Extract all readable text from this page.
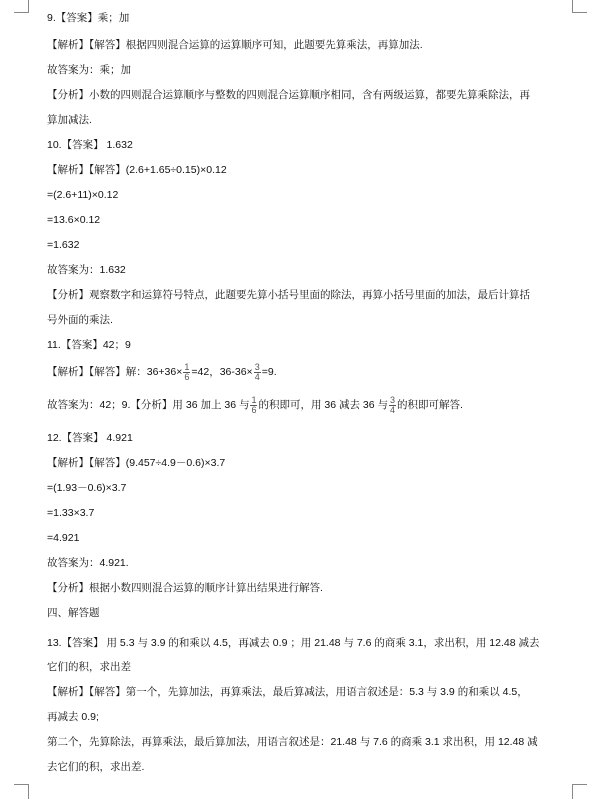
9.【答案】乘；加
【解析】【解答】根据四则混合运算的运算顺序可知，此题要先算乘法，再算加法.
故答案为：乘；加
【分析】小数的四则混合运算顺序与整数的四则混合运算顺序相同，含有两级运算，都要先算乘除法，再
算加减法.
10.【答案】 1.632
【解析】【解答】(2.6+1.65÷0.15)×0.12
=(2.6+11)×0.12
=13.6×0.12
=1.632
故答案为：1.632
【分析】观察数字和运算符号特点，此题要先算小括号里面的除法，再算小括号里面的加法，最后计算括
号外面的乘法.
11.【答案】42；9
【解析】【解答】解：$36+36\times \frac{1}{6} =42$，$36-36\times \frac{3}{4} =9$.
故答案为：42；9.【分析】用 36 加上 36 与 $\frac{1}{6}$ 的积即可，用 36 减去 36 与 $\frac{3}{4}$ 的积即可解答.
12.【答案】 4.921
【解析】【解答】(9.457÷4.9－0.6)×3.7
=(1.93－0.6)×3.7
=1.33×3.7
=4.921
故答案为：4.921.
【分析】根据小数四则混合运算的顺序计算出结果进行解答.
四、解答题
13.【答案】 用 5.3 与 3.9 的和乘以 4.5，再减去 0.9 ；用 21.48 与 7.6 的商乘 3.1，求出积，用 12.48 减去
它们的积，求出差
【解析】【解答】第一个，先算加法，再算乘法，最后算减法，用语言叙述是：5.3 与 3.9 的和乘以 4.5，
再减去 0.9;
第二个，先算除法，再算乘法，最后算加法，用语言叙述是：21.48 与 7.6 的商乘 3.1 求出积，用 12.48 减
去它们的积，求出差.
